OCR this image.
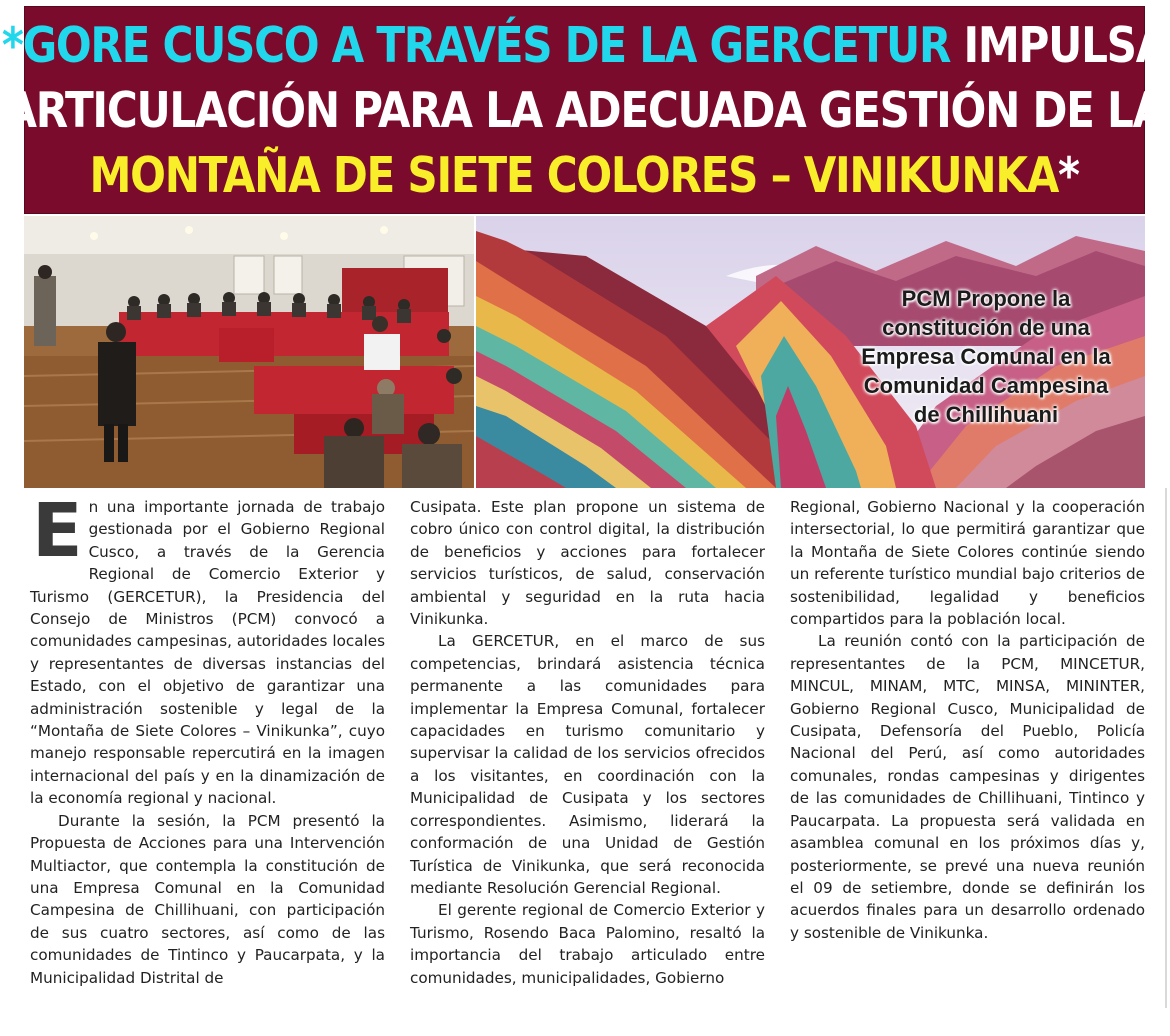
*GORE CUSCO A TRAVÉS DE LA GERCETUR IMPULSA
ARTICULACIÓN PARA LA ADECUADA GESTIÓN DE LA
MONTAÑA DE SIETE COLORES – VINIKUNKA*
PCM Propone la
constitución de una
Empresa Comunal en la
Comunidad Campesina
de Chillihuani

En una importante jornada de trabajo gestionada por el Gobierno Regional Cusco, a través de la Gerencia Regional de Comercio Exterior y Turismo (GERCETUR), la Presidencia del Consejo de Ministros (PCM) convocó a comunidades campesinas, autoridades locales y representantes de diversas instancias del Estado, con el objetivo de garantizar una administración sostenible y legal de la “Montaña de Siete Colores – Vinikunka”, cuyo manejo responsable repercutirá en la imagen internacional del país y en la dinamización de la economía regional y nacional.

Durante la sesión, la PCM presentó la Propuesta de Acciones para una Intervención Multiactor, que contempla la constitución de una Empresa Comunal en la Comunidad Campesina de Chillihuani, con participación de sus cuatro sectores, así como de las comunidades de Tintinco y Paucarpata, y la Municipalidad Distrital de

Cusipata. Este plan propone un sistema de cobro único con control digital, la distribución de beneficios y acciones para fortalecer servicios turísticos, de salud, conservación ambiental y seguridad en la ruta hacia Vinikunka.

La GERCETUR, en el marco de sus competencias, brindará asistencia técnica permanente a las comunidades para implementar la Empresa Comunal, fortalecer capacidades en turismo comunitario y supervisar la calidad de los servicios ofrecidos a los visitantes, en coordinación con la Municipalidad de Cusipata y los sectores correspondientes. Asimismo, liderará la conformación de una Unidad de Gestión Turística de Vinikunka, que será reconocida mediante Resolución Gerencial Regional.

El gerente regional de Comercio Exterior y Turismo, Rosendo Baca Palomino, resaltó la importancia del trabajo articulado entre comunidades, municipalidades, Gobierno

Regional, Gobierno Nacional y la cooperación intersectorial, lo que permitirá garantizar que la Montaña de Siete Colores continúe siendo un referente turístico mundial bajo criterios de sostenibilidad, legalidad y beneficios compartidos para la población local.

La reunión contó con la participación de representantes de la PCM, MINCETUR, MINCUL, MINAM, MTC, MINSA, MININTER, Gobierno Regional Cusco, Municipalidad de Cusipata, Defensoría del Pueblo, Policía Nacional del Perú, así como autoridades comunales, rondas campesinas y dirigentes de las comunidades de Chillihuani, Tintinco y Paucarpata. La propuesta será validada en asamblea comunal en los próximos días y, posteriormente, se prevé una nueva reunión el 09 de setiembre, donde se definirán los acuerdos finales para un desarrollo ordenado y sostenible de Vinikunka.
